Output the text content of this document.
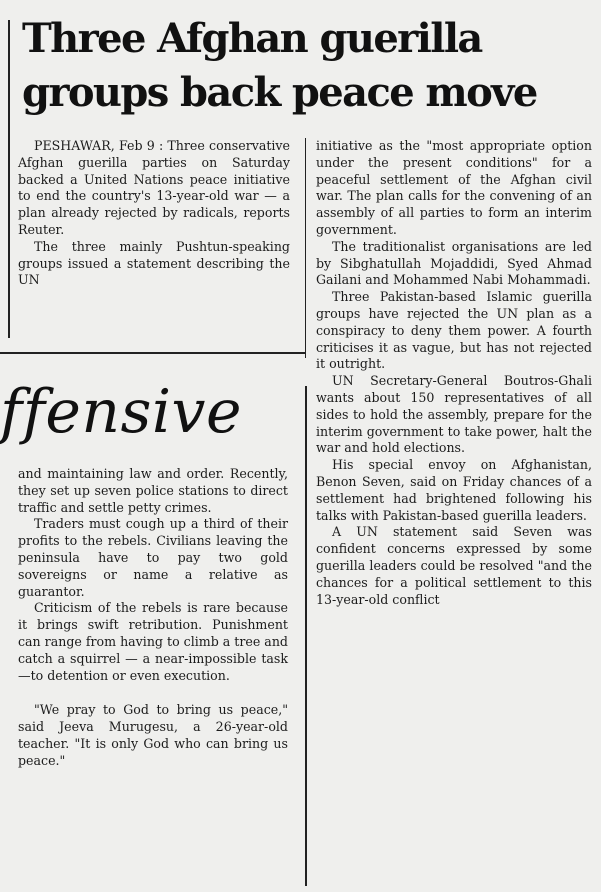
Three Afghan guerilla
groups back peace move

PESHAWAR, Feb 9 : Three conservative Afghan guerilla parties on Saturday backed a United Nations peace initiative to end the country's 13-year-old war — a plan already rejected by radicals, reports Reuter.

The three mainly Pushtun-speaking groups issued a statement describing the UN

initiative as the "most appropriate option under the present conditions" for a peaceful settlement of the Afghan civil war. The plan calls for the convening of an assembly of all parties to form an interim government.

The traditionalist organisations are led by Sibghatullah Mojaddidi, Syed Ahmad Gailani and Mohammed Nabi Mohammadi.

Three Pakistan-based Islamic guerilla groups have rejected the UN plan as a conspiracy to deny them power. A fourth criticises it as vague, but has not rejected it outright.

UN Secretary-General Boutros-Ghali wants about 150 representatives of all sides to hold the assembly, prepare for the interim government to take power, halt the war and hold elections.

His special envoy on Afghanistan, Benon Seven, said on Friday chances of a settlement had brightened following his talks with Pakistan-based guerilla leaders.

A UN statement said Seven was confident concerns expressed by some guerilla leaders could be resolved "and the chances for a political settlement to this 13-year-old conflict

ffensive

and maintaining law and order. Recently, they set up seven police stations to direct traffic and settle petty crimes.

Traders must cough up a third of their profits to the rebels. Civilians leaving the peninsula have to pay two gold sovereigns or name a relative as guarantor.

Criticism of the rebels is rare because it brings swift retribution. Punishment can range from having to climb a tree and catch a squirrel — a near-impossible task —to detention or even execution.

"We pray to God to bring us peace," said Jeeva Murugesu, a 26-year-old teacher. "It is only God who can bring us peace."
